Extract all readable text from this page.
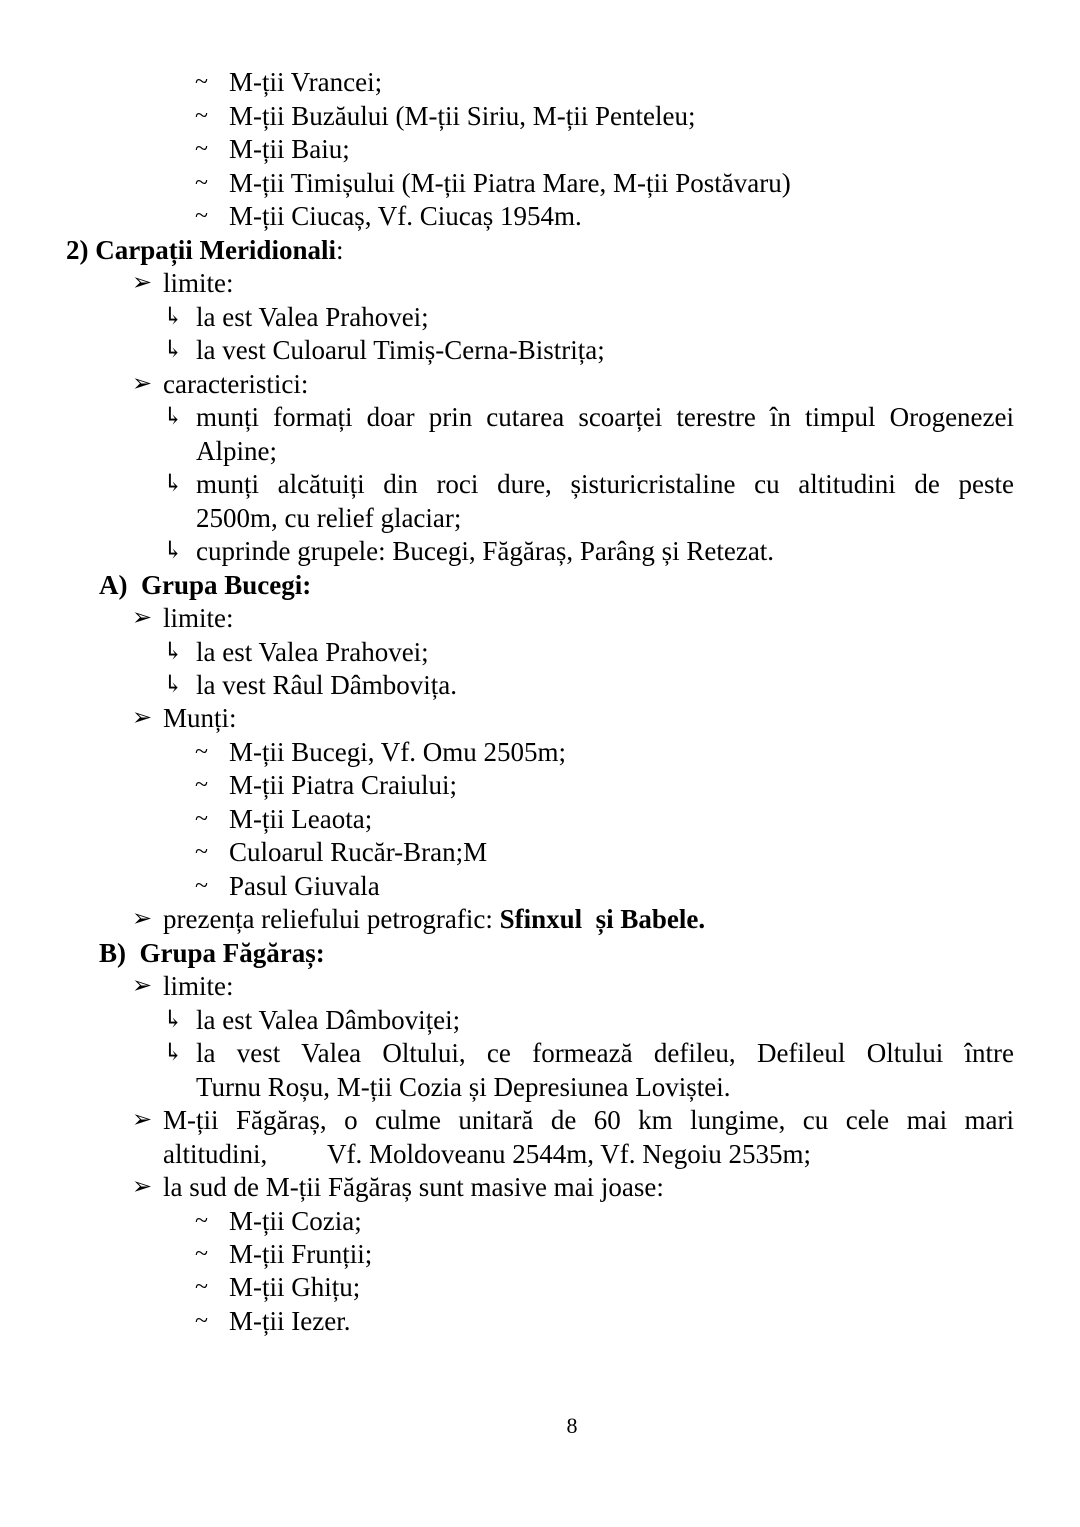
~ M-ții Vrancei;
~ M-ții Buzăului (M-ții Siriu, M-ții Penteleu;
~ M-ții Baiu;
~ M-ții Timișului (M-ții Piatra Mare, M-ții Postăvaru)
~ M-ții Ciucaș, Vf. Ciucaș 1954m.
2) Carpații Meridionali:
➢ limite:
↳ la est Valea Prahovei;
↳ la vest Culoarul Timiș-Cerna-Bistrița;
➢ caracteristici:
↳ munți formați doar prin cutarea scoarței terestre în timpul Orogenezei
Alpine;
↳ munți alcătuiți din roci dure, șisturicristaline cu altitudini de peste
2500m, cu relief glaciar;
↳ cuprinde grupele: Bucegi, Făgăraș, Parâng și Retezat.
A)  Grupa Bucegi:
➢ limite:
↳ la est Valea Prahovei;
↳ la vest Râul Dâmbovița.
➢ Munți:
~ M-ții Bucegi, Vf. Omu 2505m;
~ M-ții Piatra Craiului;
~ M-ții Leaota;
~ Culoarul Rucăr-Bran;M
~ Pasul Giuvala
➢ prezența reliefului petrografic: Sfinxul  și Babele.
B)  Grupa Făgăraș:
➢ limite:
↳ la est Valea Dâmboviței;
↳ la vest Valea Oltului, ce formează defileu, Defileul Oltului între
Turnu Roșu, M-ții Cozia și Depresiunea Loviștei.
➢ M-ții Făgăraș, o culme unitară de 60 km lungime, cu cele mai mari
altitudini, Vf. Moldoveanu 2544m, Vf. Negoiu 2535m;
➢ la sud de M-ții Făgăraș sunt masive mai joase:
~ M-ții Cozia;
~ M-ții Frunții;
~ M-ții Ghițu;
~ M-ții Iezer.
8
